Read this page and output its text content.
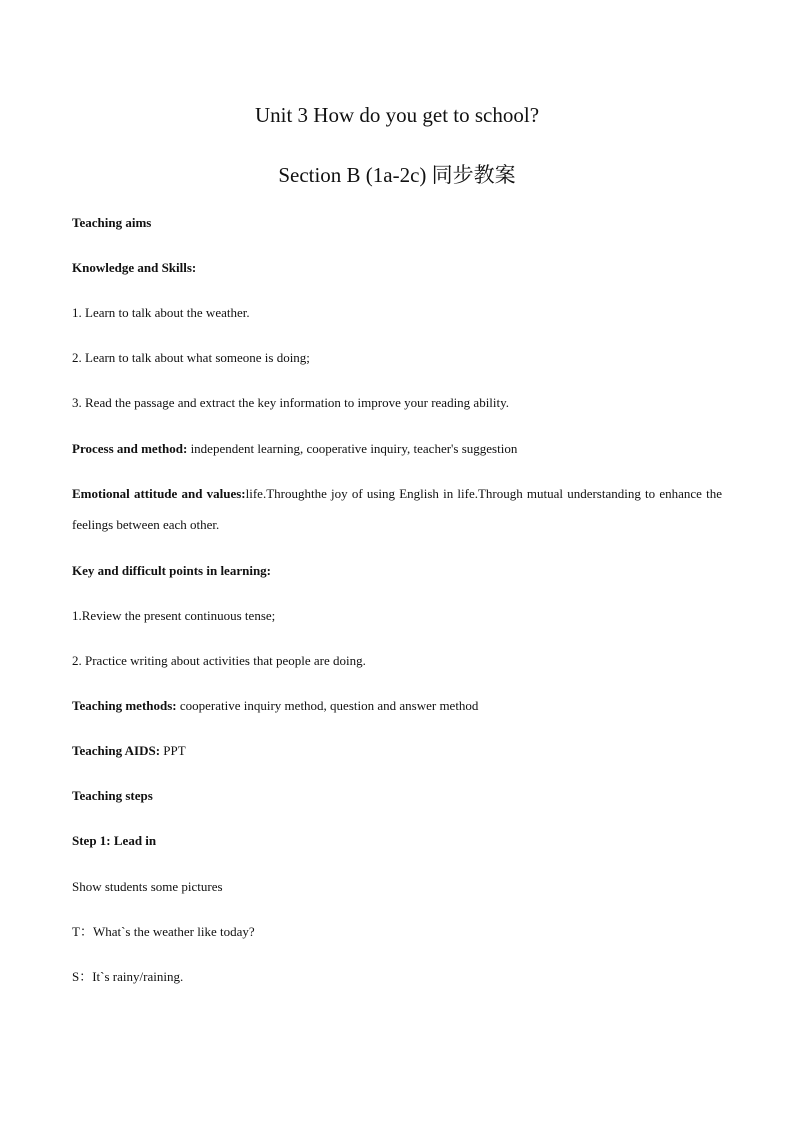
Unit 3 How do you get to school?
Section B (1a-2c) 同步教案
Teaching aims
Knowledge and Skills:
1. Learn to talk about the weather.
2. Learn to talk about what someone is doing;
3. Read the passage and extract the key information to improve your reading ability.
Process and method: independent learning, cooperative inquiry, teacher's suggestion
Emotional attitude and values:life.Throughthe joy of using English in life.Through mutual understanding to enhance the feelings between each other.
Key and difficult points in learning:
1.Review the present continuous tense;
2. Practice writing about activities that people are doing.
Teaching methods: cooperative inquiry method, question and answer method
Teaching AIDS: PPT
Teaching steps
Step 1: Lead in
Show students some pictures
T：What`s the weather like today?
S：It`s rainy/raining.
